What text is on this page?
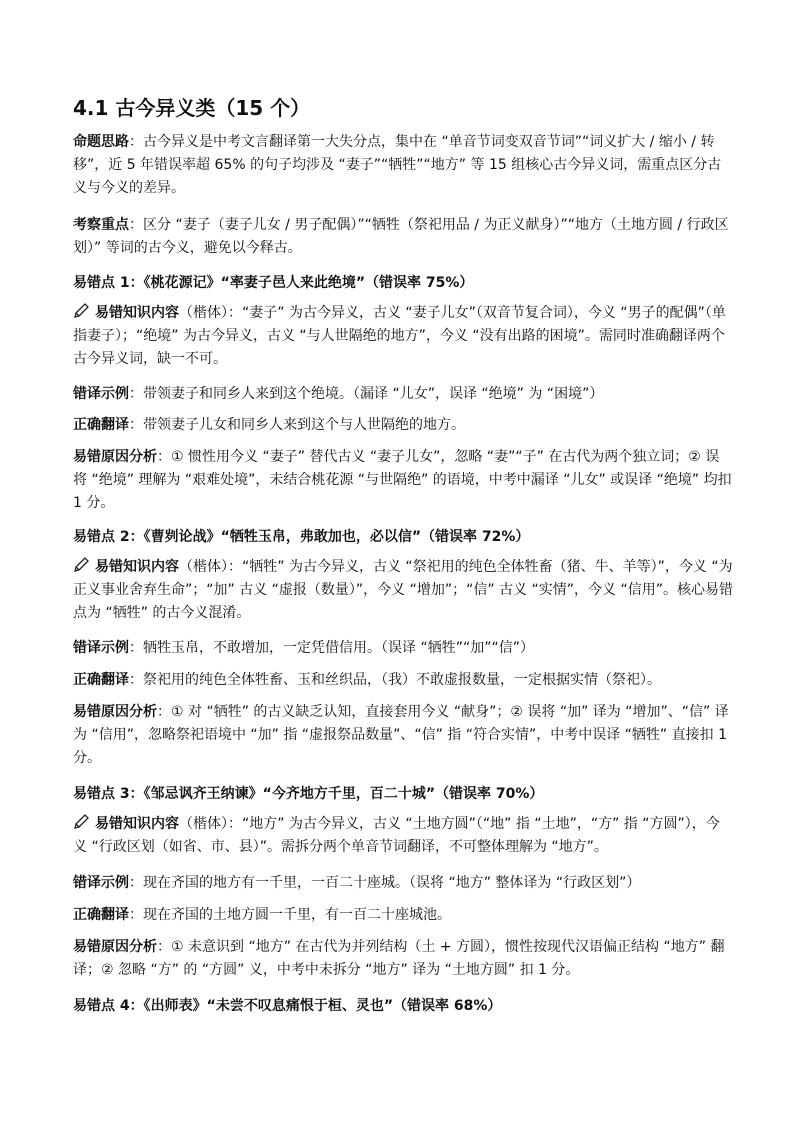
4.1 古今异义类（15 个）

命题思路：古今异义是中考文言翻译第一大失分点，集中在 “单音节词变双音节词”“词义扩大 / 缩小 / 转移”，近 5 年错误率超 65% 的句子均涉及 “妻子”“牺牲”“地方” 等 15 组核心古今异义词，需重点区分古义与今义的差异。

考察重点：区分 “妻子（妻子儿女 / 男子配偶）”“牺牲（祭祀用品 / 为正义献身）”“地方（土地方圆 / 行政区划）” 等词的古今义，避免以今释古。

易错点 1：《桃花源记》“率妻子邑人来此绝境”（错误率 75%）

易错知识内容（楷体）：“妻子” 为古今异义，古义 “妻子儿女”（双音节复合词），今义 “男子的配偶”（单指妻子）；“绝境” 为古今异义，古义 “与人世隔绝的地方”，今义 “没有出路的困境”。需同时准确翻译两个古今异义词，缺一不可。

错译示例：带领妻子和同乡人来到这个绝境。（漏译 “儿女”，误译 “绝境” 为 “困境”）

正确翻译：带领妻子儿女和同乡人来到这个与人世隔绝的地方。

易错原因分析：① 惯性用今义 “妻子” 替代古义 “妻子儿女”，忽略 “妻”“子” 在古代为两个独立词；② 误将 “绝境” 理解为 “艰难处境”，未结合桃花源 “与世隔绝” 的语境，中考中漏译 “儿女” 或误译 “绝境” 均扣 1 分。

易错点 2：《曹刿论战》“牺牲玉帛，弗敢加也，必以信”（错误率 72%）

易错知识内容（楷体）：“牺牲” 为古今异义，古义 “祭祀用的纯色全体牲畜（猪、牛、羊等）”，今义 “为正义事业舍弃生命”；“加” 古义 “虚报（数量）”，今义 “增加”；“信” 古义 “实情”，今义 “信用”。核心易错点为 “牺牲” 的古今义混淆。

错译示例：牺牲玉帛，不敢增加，一定凭借信用。（误译 “牺牲”“加”“信”）

正确翻译：祭祀用的纯色全体牲畜、玉和丝织品，（我）不敢虚报数量，一定根据实情（祭祀）。

易错原因分析：① 对 “牺牲” 的古义缺乏认知，直接套用今义 “献身”；② 误将 “加” 译为 “增加”、“信” 译为 “信用”，忽略祭祀语境中 “加” 指 “虚报祭品数量”、“信” 指 “符合实情”，中考中误译 “牺牲” 直接扣 1 分。

易错点 3：《邹忌讽齐王纳谏》“今齐地方千里，百二十城”（错误率 70%）

易错知识内容（楷体）：“地方” 为古今异义，古义 “土地方圆”（“地” 指 “土地”，“方” 指 “方圆”），今义 “行政区划（如省、市、县）”。需拆分两个单音节词翻译，不可整体理解为 “地方”。

错译示例：现在齐国的地方有一千里，一百二十座城。（误将 “地方” 整体译为 “行政区划”）

正确翻译：现在齐国的土地方圆一千里，有一百二十座城池。

易错原因分析：① 未意识到 “地方” 在古代为并列结构（土 + 方圆），惯性按现代汉语偏正结构 “地方” 翻译；② 忽略 “方” 的 “方圆” 义，中考中未拆分 “地方” 译为 “土地方圆” 扣 1 分。

易错点 4：《出师表》“未尝不叹息痛恨于桓、灵也”（错误率 68%）
